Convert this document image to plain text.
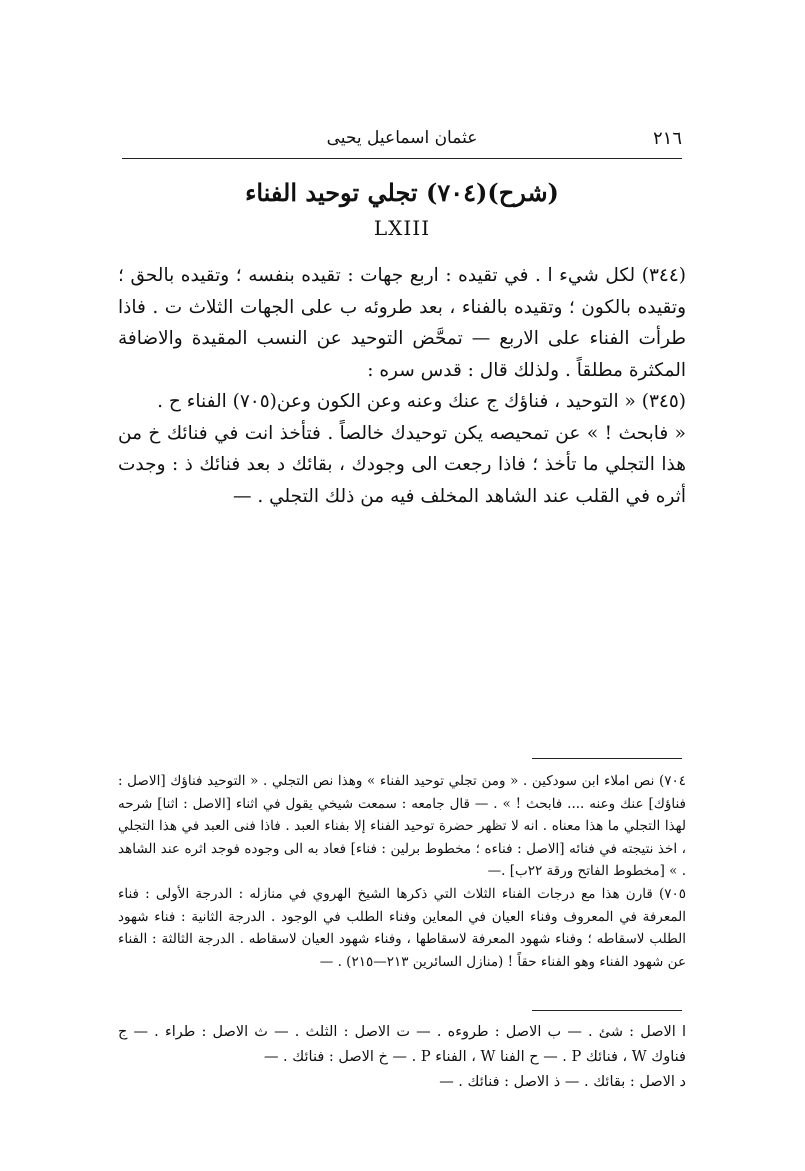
٢١٦
عثمان اسماعيل يحيى
(شرح)(٧٠٤) تجلي توحيد الفناء
LXIII

(٣٤٤) لكل شيء ا . في تقيده : اربع جهات : تقيده بنفسه ؛ وتقيده بالحق ؛ وتقيده بالكون ؛ وتقيده بالفناء ، بعد طروئه ب على الجهات الثلاث ت . فاذا طرأت الفناء على الاربع — تمحَّض التوحيد عن النسب المقيدة والاضافة المكثرة مطلقاً . ولذلك قال : قدس سره :

(٣٤٥) « التوحيد ، فناؤك ج عنك وعنه وعن الكون وعن(٧٠٥) الفناء ح .

« فابحث ! » عن تمحيصه يكن توحيدك خالصاً . فتأخذ انت في فنائك خ من هذا التجلي ما تأخذ ؛ فاذا رجعت الى وجودك ، بقائك د بعد فنائك ذ : وجدت أثره في القلب عند الشاهد المخلف فيه من ذلك التجلي . —

٧٠٤) نص املاء ابن سودكين . « ومن تجلي توحيد الفناء » وهذا نص التجلي . « التوحيد فناؤك [الاصل : فناؤك] عنك وعنه .... فابحث ! » . — قال جامعه : سمعت شيخي يقول في اثناء [الاصل : اثنا] شرحه لهذا التجلي ما هذا معناه . انه لا تظهر حضرة توحيد الفناء إلا بفناء العبد . فاذا فنى العبد في هذا التجلي ، اخذ نتيجته في فنائه [الاصل : فناءه ؛ مخطوط برلين : فناء] فعاد به الى وجوده فوجد اثره عند الشاهد . » [مخطوط الفاتح ورقة ٢٢ب] .—

٧٠٥) قارن هذا مع درجات الفناء الثلاث التي ذكرها الشيخ الهروي في منازله : الدرجة الأولى : فناء المعرفة في المعروف وفناء العيان في المعاين وفناء الطلب في الوجود . الدرجة الثانية : فناء شهود الطلب لاسقاطه ؛ وفناء شهود المعرفة لاسقاطها ، وفناء شهود العيان لاسقاطه . الدرجة الثالثة : الفناء عن شهود الفناء وهو الفناء حقاً ! (منازل السائرين ٢١٣—٢١٥) . —

ا الاصل : شئ . — ب الاصل : طروءه . — ت الاصل : الثلث . — ث الاصل : طراء . — ج فناوك W ، فنائك P . — ح الفنا W ، الفناء P . — خ الاصل : فنائك . —

د الاصل : بقائك . — ذ الاصل : فنائك . —
